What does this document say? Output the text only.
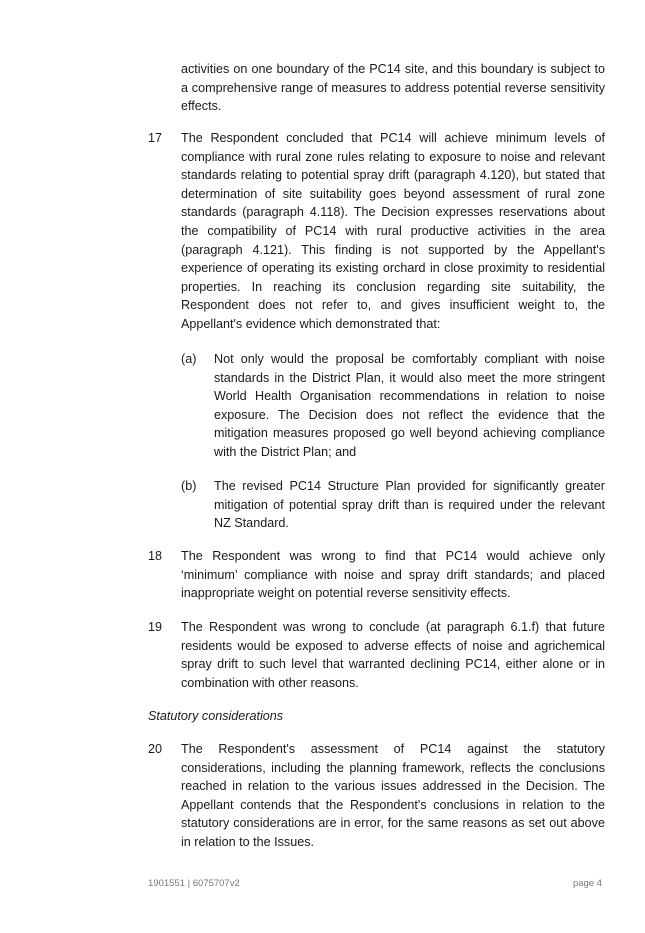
activities on one boundary of the PC14 site, and this boundary is subject to a comprehensive range of measures to address potential reverse sensitivity effects.
17 The Respondent concluded that PC14 will achieve minimum levels of compliance with rural zone rules relating to exposure to noise and relevant standards relating to potential spray drift (paragraph 4.120), but stated that determination of site suitability goes beyond assessment of rural zone standards (paragraph 4.118). The Decision expresses reservations about the compatibility of PC14 with rural productive activities in the area (paragraph 4.121). This finding is not supported by the Appellant's experience of operating its existing orchard in close proximity to residential properties. In reaching its conclusion regarding site suitability, the Respondent does not refer to, and gives insufficient weight to, the Appellant's evidence which demonstrated that:
(a) Not only would the proposal be comfortably compliant with noise standards in the District Plan, it would also meet the more stringent World Health Organisation recommendations in relation to noise exposure. The Decision does not reflect the evidence that the mitigation measures proposed go well beyond achieving compliance with the District Plan; and
(b) The revised PC14 Structure Plan provided for significantly greater mitigation of potential spray drift than is required under the relevant NZ Standard.
18 The Respondent was wrong to find that PC14 would achieve only ‘minimum’ compliance with noise and spray drift standards; and placed inappropriate weight on potential reverse sensitivity effects.
19 The Respondent was wrong to conclude (at paragraph 6.1.f) that future residents would be exposed to adverse effects of noise and agrichemical spray drift to such level that warranted declining PC14, either alone or in combination with other reasons.
Statutory considerations
20 The Respondent's assessment of PC14 against the statutory considerations, including the planning framework, reflects the conclusions reached in relation to the various issues addressed in the Decision. The Appellant contends that the Respondent's conclusions in relation to the statutory considerations are in error, for the same reasons as set out above in relation to the Issues.
1901551 | 6075707v2	page 4
